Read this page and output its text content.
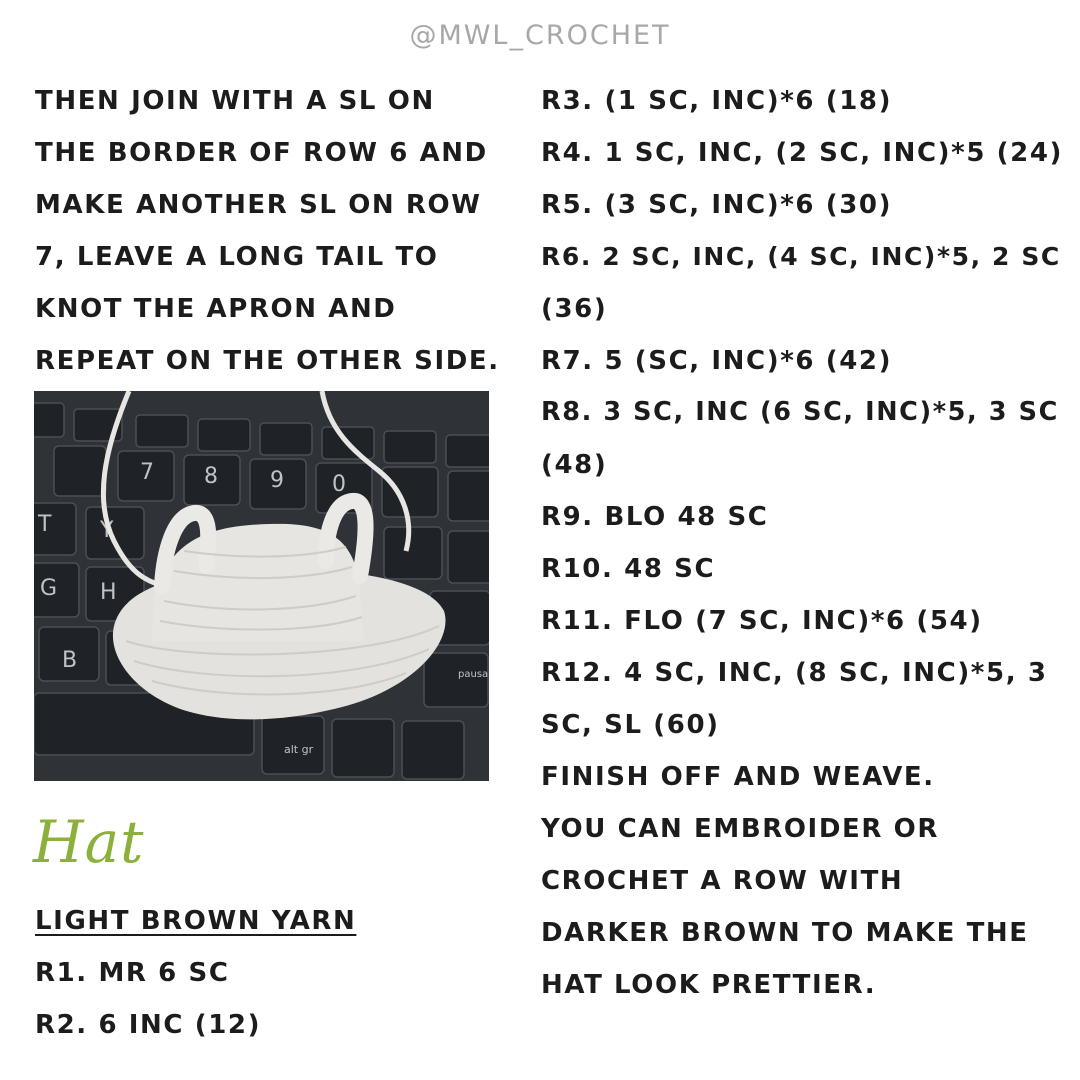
@MWL_CROCHET
THEN JOIN WITH A SL ON
THE BORDER OF ROW 6 AND
MAKE ANOTHER SL ON ROW
7, LEAVE A LONG TAIL TO
KNOT THE APRON AND
REPEAT ON THE OTHER SIDE.
7 8 9 0
T Y
G H
B
alt gr
pausa
Hat
LIGHT BROWN YARN
R1. MR 6 SC
R2. 6 INC (12)
R3. (1 SC, INC)*6 (18)
R4. 1 SC, INC, (2 SC, INC)*5 (24)
R5. (3 SC, INC)*6 (30)
R6. 2 SC, INC, (4 SC, INC)*5, 2 SC
(36)
R7. 5 (SC, INC)*6 (42)
R8. 3 SC, INC (6 SC, INC)*5, 3 SC
(48)
R9. BLO 48 SC
R10. 48 SC
R11. FLO (7 SC, INC)*6 (54)
R12. 4 SC, INC, (8 SC, INC)*5, 3
SC, SL (60)
FINISH OFF AND WEAVE.
YOU CAN EMBROIDER OR
CROCHET A ROW WITH
DARKER BROWN TO MAKE THE
HAT LOOK PRETTIER.
